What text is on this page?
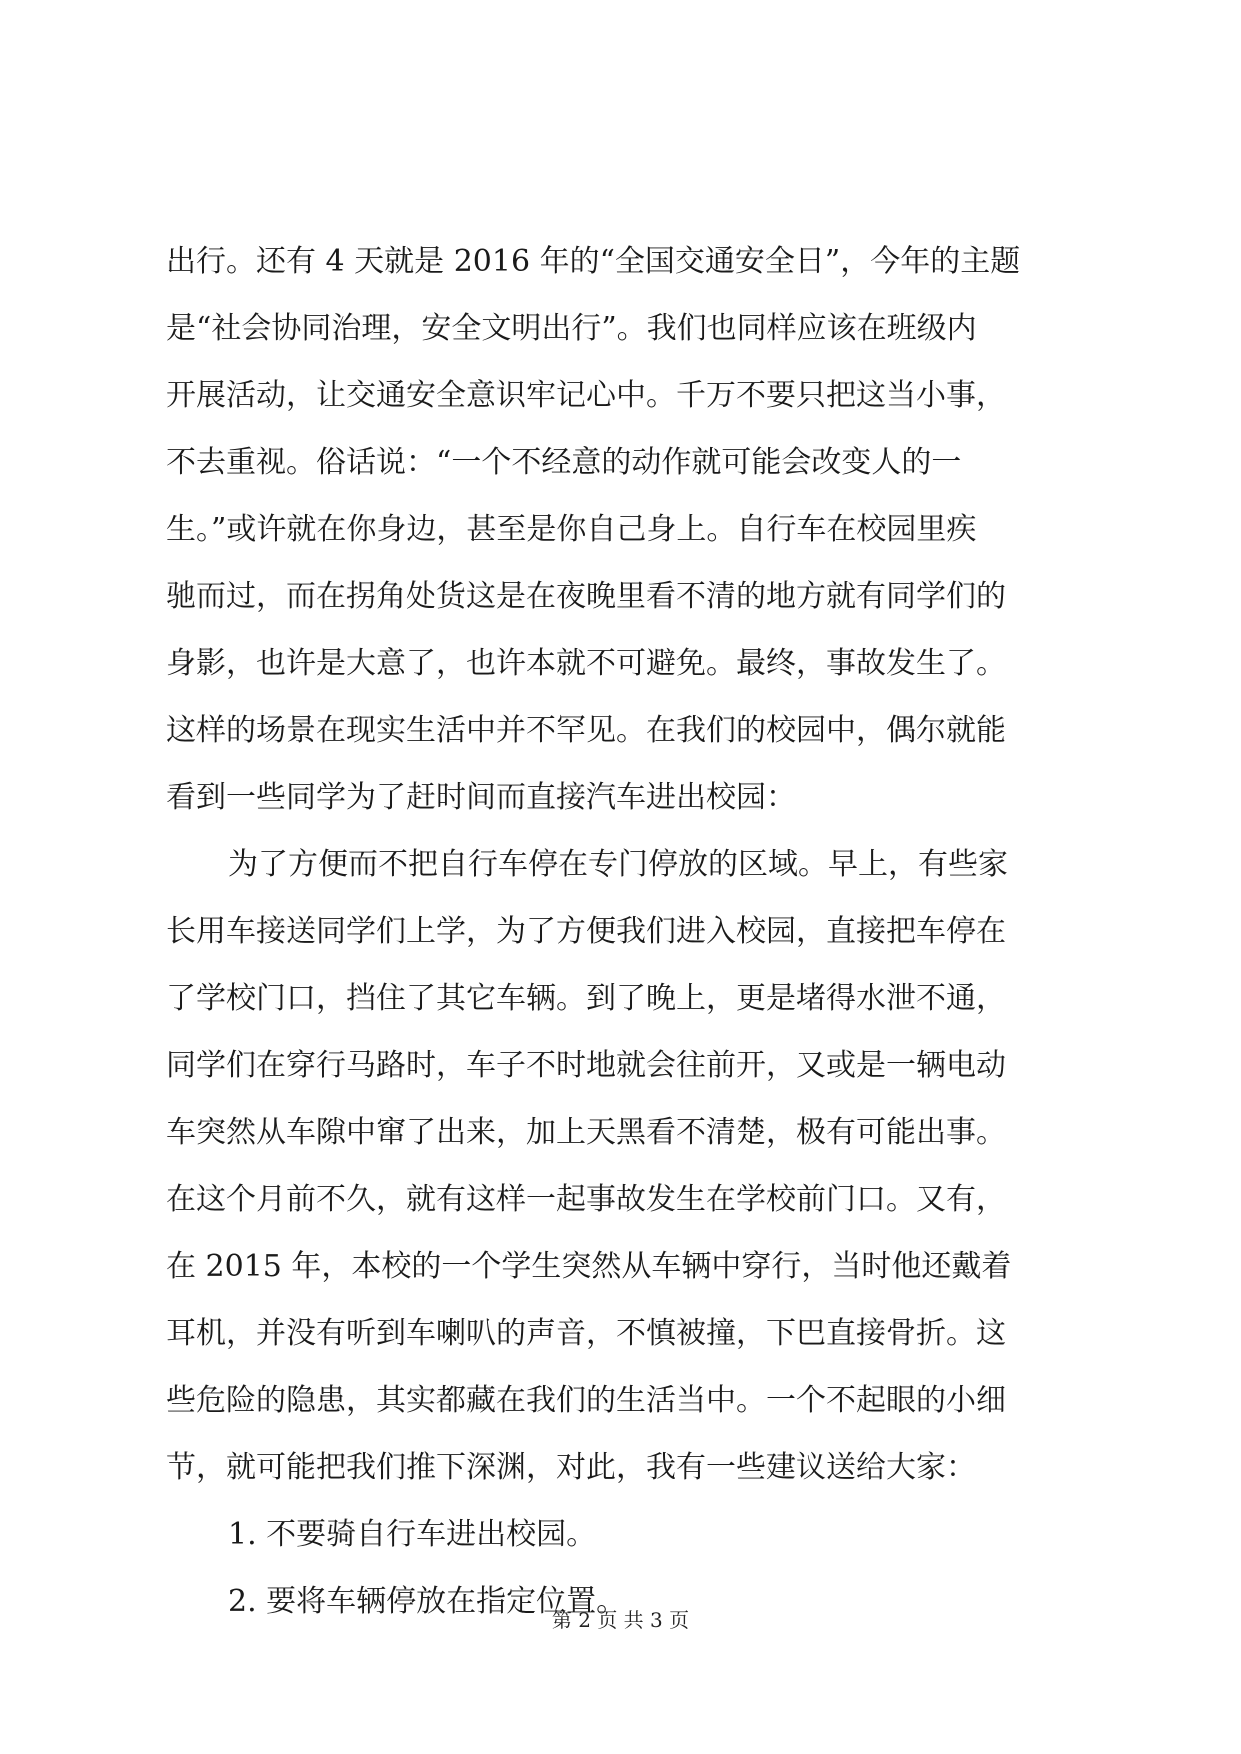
出行。还有 4 天就是 2016 年的“全国交通安全日”，今年的主题
是“社会协同治理，安全文明出行”。我们也同样应该在班级内
开展活动，让交通安全意识牢记心中。千万不要只把这当小事，
不去重视。俗话说：“一个不经意的动作就可能会改变人的一
生。”或许就在你身边，甚至是你自己身上。自行车在校园里疾
驰而过，而在拐角处货这是在夜晚里看不清的地方就有同学们的
身影，也许是大意了，也许本就不可避免。最终，事故发生了。
这样的场景在现实生活中并不罕见。在我们的校园中，偶尔就能
看到一些同学为了赶时间而直接汽车进出校园：
为了方便而不把自行车停在专门停放的区域。早上，有些家
长用车接送同学们上学，为了方便我们进入校园，直接把车停在
了学校门口，挡住了其它车辆。到了晚上，更是堵得水泄不通，
同学们在穿行马路时，车子不时地就会往前开，又或是一辆电动
车突然从车隙中窜了出来，加上天黑看不清楚，极有可能出事。
在这个月前不久，就有这样一起事故发生在学校前门口。又有，
在 2015 年，本校的一个学生突然从车辆中穿行，当时他还戴着
耳机，并没有听到车喇叭的声音，不慎被撞，下巴直接骨折。这
些危险的隐患，其实都藏在我们的生活当中。一个不起眼的小细
节，就可能把我们推下深渊，对此，我有一些建议送给大家：
1. 不要骑自行车进出校园。
2. 要将车辆停放在指定位置。
第 2 页 共 3 页
